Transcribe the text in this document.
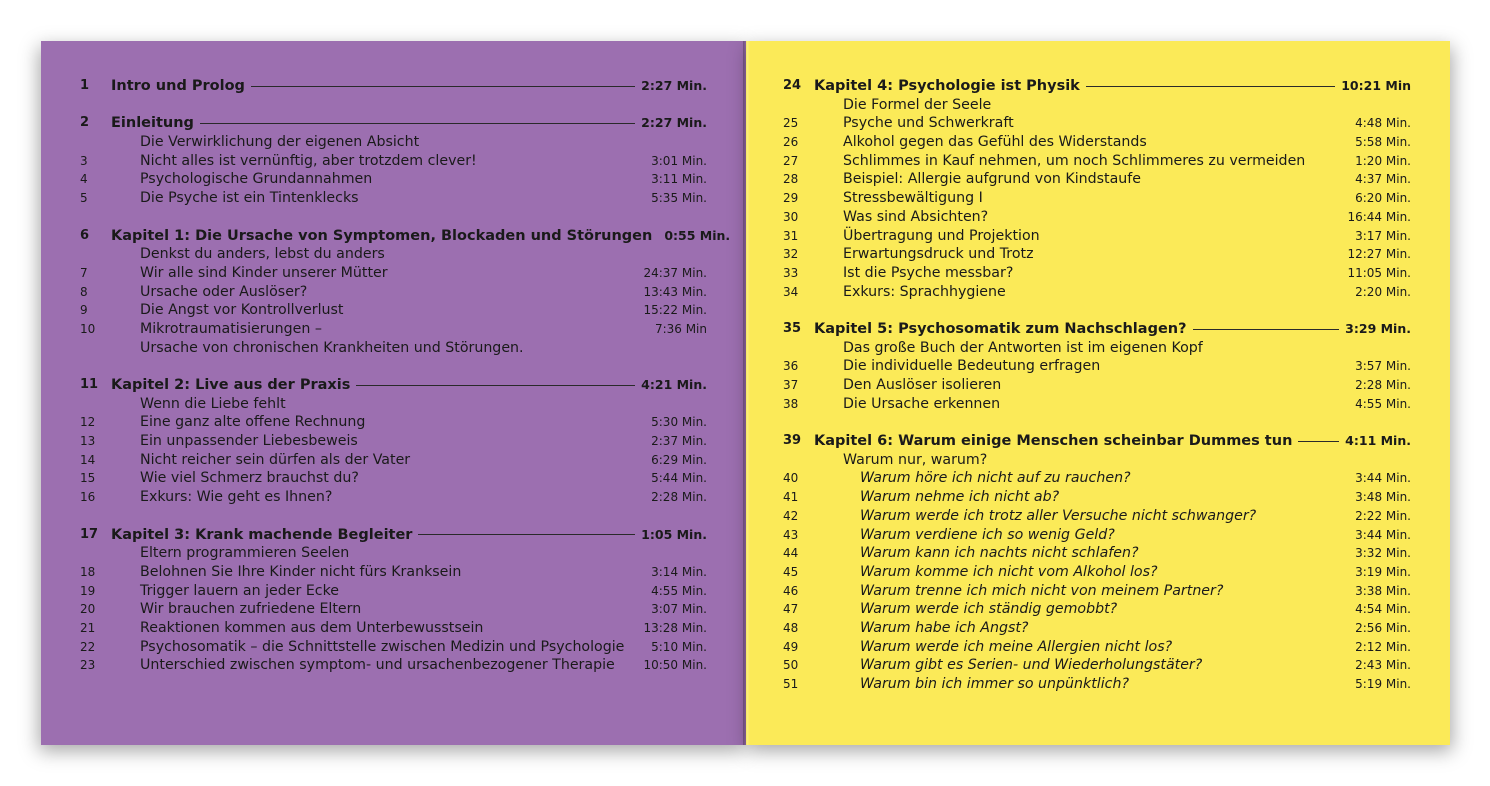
1 Intro und Prolog	2:27 Min.
2 Einleitung	2:27 Min.
Die Verwirklichung der eigenen Absicht
3	Nicht alles ist vernünftig, aber trotzdem clever!	3:01 Min.
4	Psychologische Grundannahmen	3:11 Min.
5	Die Psyche ist ein Tintenklecks	5:35 Min.
6 Kapitel 1: Die Ursache von Symptomen, Blockaden und Störungen 0:55 Min.
Denkst du anders, lebst du anders
7	Wir alle sind Kinder unserer Mütter	24:37 Min.
8	Ursache oder Auslöser?	13:43 Min.
9	Die Angst vor Kontrollverlust	15:22 Min.
10	Mikrotraumatisierungen –	7:36 Min
Ursache von chronischen Krankheiten und Störungen.
11 Kapitel 2: Live aus der Praxis	4:21 Min.
Wenn die Liebe fehlt
12	Eine ganz alte offene Rechnung	5:30 Min.
13	Ein unpassender Liebesbeweis	2:37 Min.
14	Nicht reicher sein dürfen als der Vater	6:29 Min.
15	Wie viel Schmerz brauchst du?	5:44 Min.
16	Exkurs: Wie geht es Ihnen?	2:28 Min.
17 Kapitel 3: Krank machende Begleiter	1:05 Min.
Eltern programmieren Seelen
18	Belohnen Sie Ihre Kinder nicht fürs Kranksein	3:14 Min.
19	Trigger lauern an jeder Ecke	4:55 Min.
20	Wir brauchen zufriedene Eltern	3:07 Min.
21	Reaktionen kommen aus dem Unterbewusstsein	13:28 Min.
22	Psychosomatik – die Schnittstelle zwischen Medizin und Psychologie 5:10 Min.
23	Unterschied zwischen symptom- und ursachenbezogener Therapie 10:50 Min.
24 Kapitel 4: Psychologie ist Physik	10:21 Min
Die Formel der Seele
25	Psyche und Schwerkraft	4:48 Min.
26	Alkohol gegen das Gefühl des Widerstands	5:58 Min.
27	Schlimmes in Kauf nehmen, um noch Schlimmeres zu vermeiden	1:20 Min.
28	Beispiel: Allergie aufgrund von Kindstaufe	4:37 Min.
29	Stressbewältigung I	6:20 Min.
30	Was sind Absichten?	16:44 Min.
31	Übertragung und Projektion	3:17 Min.
32	Erwartungsdruck und Trotz	12:27 Min.
33	Ist die Psyche messbar?	11:05 Min.
34	Exkurs: Sprachhygiene	2:20 Min.
35 Kapitel 5: Psychosomatik zum Nachschlagen?	3:29 Min.
Das große Buch der Antworten ist im eigenen Kopf
36	Die individuelle Bedeutung erfragen	3:57 Min.
37	Den Auslöser isolieren	2:28 Min.
38	Die Ursache erkennen	4:55 Min.
39 Kapitel 6: Warum einige Menschen scheinbar Dummes tun	4:11 Min.
Warum nur, warum?
40	Warum höre ich nicht auf zu rauchen?	3:44 Min.
41	Warum nehme ich nicht ab?	3:48 Min.
42	Warum werde ich trotz aller Versuche nicht schwanger?	2:22 Min.
43	Warum verdiene ich so wenig Geld?	3:44 Min.
44	Warum kann ich nachts nicht schlafen?	3:32 Min.
45	Warum komme ich nicht vom Alkohol los?	3:19 Min.
46	Warum trenne ich mich nicht von meinem Partner?	3:38 Min.
47	Warum werde ich ständig gemobbt?	4:54 Min.
48	Warum habe ich Angst?	2:56 Min.
49	Warum werde ich meine Allergien nicht los?	2:12 Min.
50	Warum gibt es Serien- und Wiederholungstäter?	2:43 Min.
51	Warum bin ich immer so unpünktlich?	5:19 Min.
